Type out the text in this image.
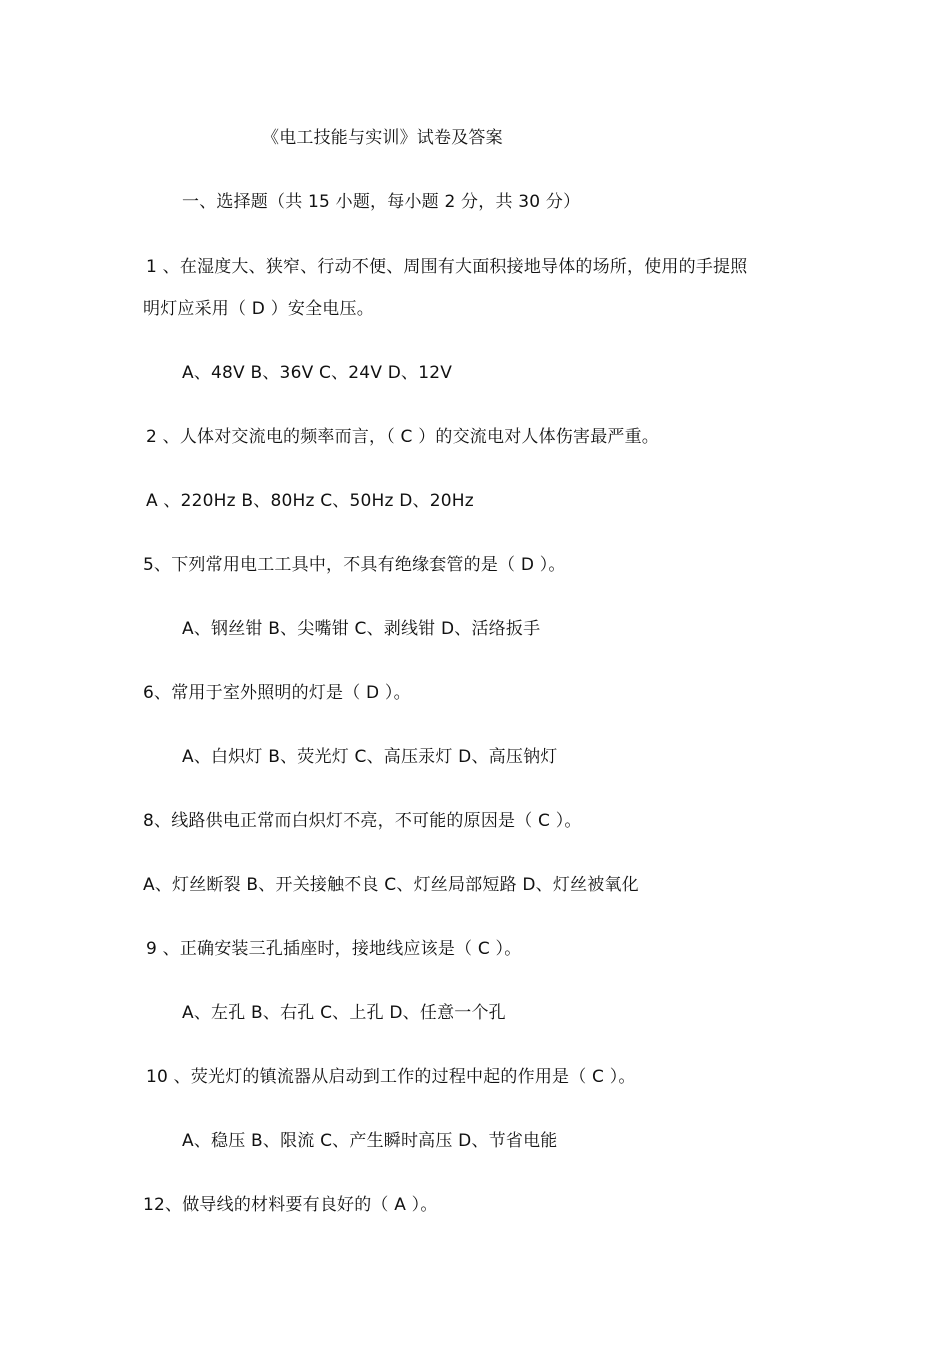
《电工技能与实训》试卷及答案
一、选择题（共 15 小题，每小题 2 分，共 30 分）
1 、在湿度大、狭窄、行动不便、周围有大面积接地导体的场所，使用的手提照
明灯应采用（ D ）安全电压。
A、48V B、36V C、24V D、12V
2 、人体对交流电的频率而言，（ C ）的交流电对人体伤害最严重。
A 、220Hz B、80Hz C、50Hz D、20Hz
5、下列常用电工工具中，不具有绝缘套管的是（ D ）。
A、钢丝钳 B、尖嘴钳 C、剥线钳 D、活络扳手
6、常用于室外照明的灯是（ D ）。
A、白炽灯 B、荧光灯 C、高压汞灯 D、高压钠灯
8、线路供电正常而白炽灯不亮，不可能的原因是（ C ）。
A、灯丝断裂 B、开关接触不良 C、灯丝局部短路 D、灯丝被氧化
9 、正确安装三孔插座时，接地线应该是（ C ）。
A、左孔 B、右孔 C、上孔 D、任意一个孔
10 、荧光灯的镇流器从启动到工作的过程中起的作用是（ C ）。
A、稳压 B、限流 C、产生瞬时高压 D、节省电能
12、做导线的材料要有良好的（ A ）。
